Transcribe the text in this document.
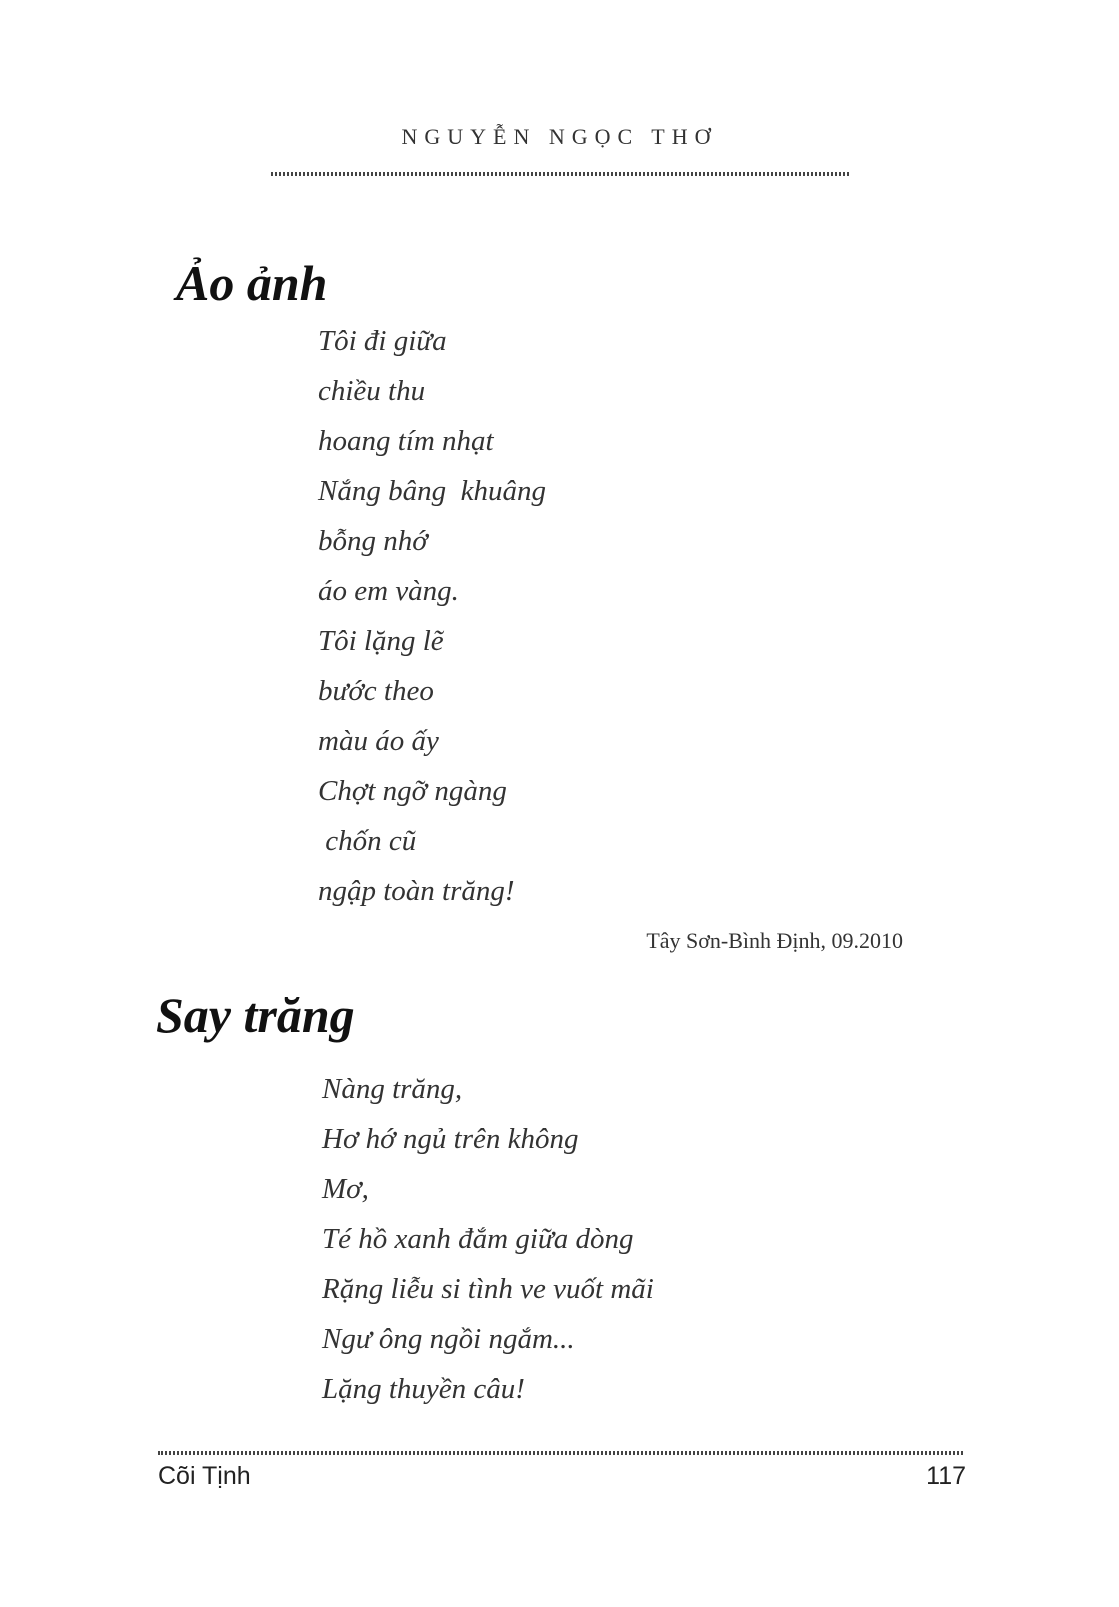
NGUYỄN NGỌC THƠ
Ảo ảnh
Tôi đi giữa
chiều thu
hoang tím nhạt
Nắng bâng  khuâng
bỗng nhớ
áo em vàng.
Tôi lặng lẽ
bước theo
màu áo ấy
Chợt ngỡ ngàng
chốn cũ
ngập toàn trăng!
Tây Sơn-Bình Định, 09.2010
Say trăng
Nàng trăng,
Hơ hớ ngủ trên không
Mơ,
Té hồ xanh đắm giữa dòng
Rặng liễu si tình ve vuốt mãi
Ngư ông ngồi ngắm...
Lặng thuyền câu!
Cõi Tịnh	117
